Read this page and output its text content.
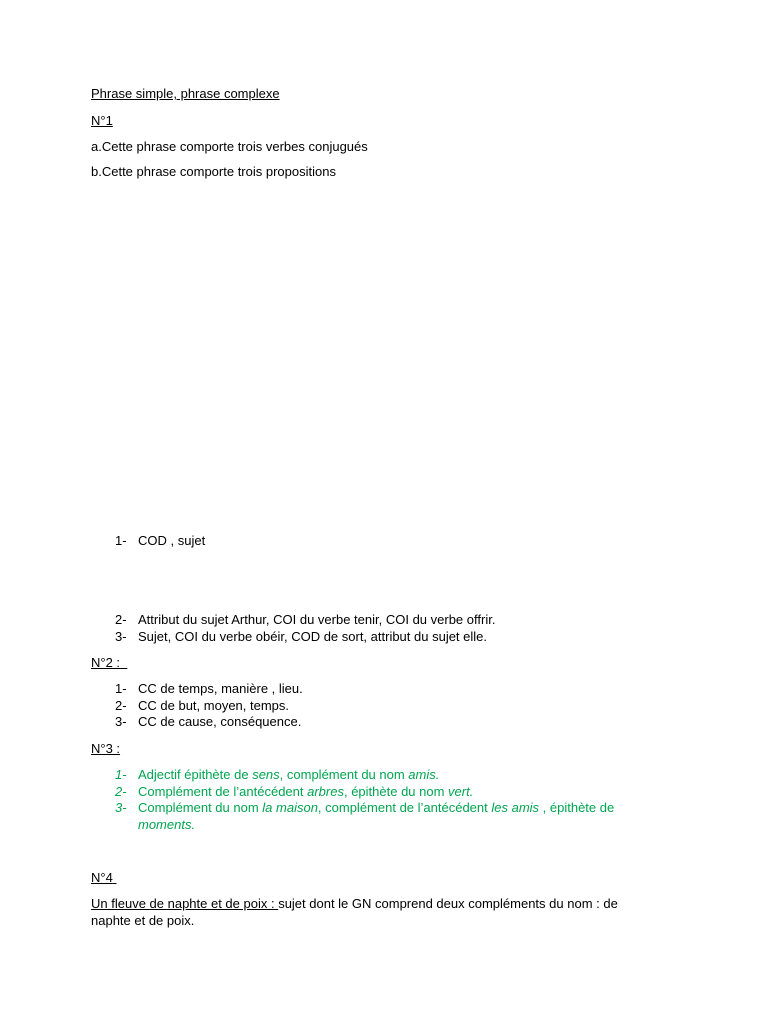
Phrase simple, phrase complexe
N°1
a.Cette phrase comporte trois verbes conjugués
b.Cette phrase comporte trois propositions
1- COD , sujet
2- Attribut du sujet Arthur, COI du verbe tenir, COI du verbe offrir.
3- Sujet, COI du verbe obéir, COD de sort, attribut du sujet elle.
N°2 :
1- CC de temps, manière , lieu.
2- CC de but, moyen, temps.
3- CC de cause, conséquence.
N°3 :
1- Adjectif épithète de sens, complément du nom amis.
2- Complément de l’antécédent arbres, épithète du nom vert.
3- Complément du nom la maison, complément de l’antécédent les amis , épithète de
moments.
N°4
Un fleuve de naphte et de poix : sujet dont le GN comprend deux compléments du nom : de
naphte et de poix.
